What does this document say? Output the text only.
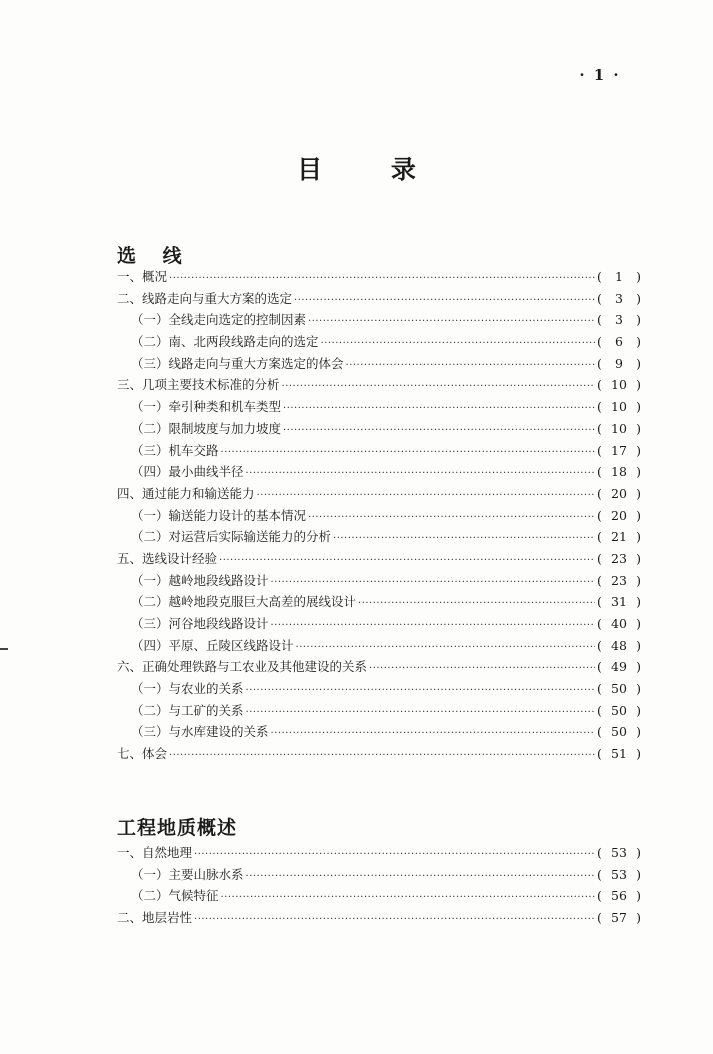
· 1 ·
目 录
选 线
一、概况 ·····	(	1	)
二、线路走向与重大方案的选定 ·····	(	3	)
（一）全线走向选定的控制因素 ·····	(	3	)
（二）南、北两段线路走向的选定 ·····	(	6	)
（三）线路走向与重大方案选定的体会 ·····	(	9	)
三、几项主要技术标准的分析 ·····	( 10 )
（一）牵引种类和机车类型 ·····	( 10 )
（二）限制坡度与加力坡度 ·····	( 10 )
（三）机车交路 ·····	( 17 )
（四）最小曲线半径 ·····	( 18 )
四、通过能力和输送能力 ·····	( 20 )
（一）输送能力设计的基本情况 ·····	( 20 )
（二）对运营后实际输送能力的分析 ·····	( 21 )
五、选线设计经验 ·····	( 23 )
（一）越岭地段线路设计 ·····	( 23 )
（二）越岭地段克服巨大高差的展线设计 ·····	( 31 )
（三）河谷地段线路设计 ·····	( 40 )
（四）平原、丘陵区线路设计 ·····	( 48 )
六、正确处理铁路与工农业及其他建设的关系 ·····	( 49 )
（一）与农业的关系 ·····	( 50 )
（二）与工矿的关系 ·····	( 50 )
（三）与水库建设的关系 ·····	( 50 )
七、体会 ·····	( 51 )
工程地质概述
一、自然地理 ·····	( 53 )
（一）主要山脉水系 ·····	( 53 )
（二）气候特征 ·····	( 56 )
二、地层岩性 ·····	( 57 )
